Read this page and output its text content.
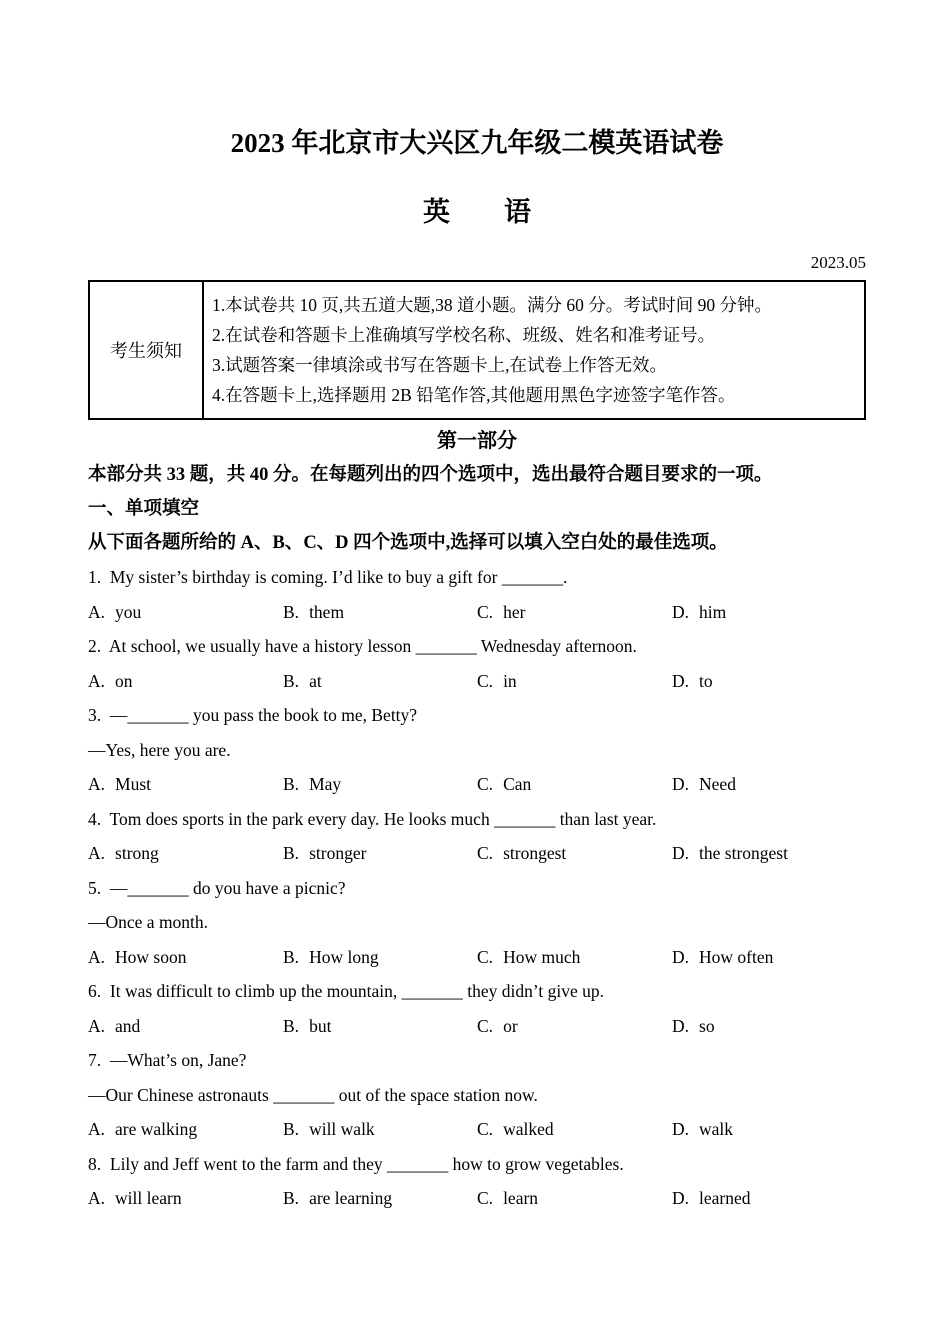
2023 年北京市大兴区九年级二模英语试卷
英 语
2023.05
考生须知	

1.本试卷共 10 页,共五道大题,38 道小题。满分 60 分。考试时间 90 分钟。

2.在试卷和答题卡上准确填写学校名称、班级、姓名和准考证号。

3.试题答案一律填涂或书写在答题卡上,在试卷上作答无效。

4.在答题卡上,选择题用 2B 铅笔作答,其他题用黑色字迹签字笔作答。

第一部分

本部分共 33 题，共 40 分。在每题列出的四个选项中，选出最符合题目要求的一项。

一、单项填空

从下面各题所给的 A、B、C、D 四个选项中,选择可以填入空白处的最佳选项。

1.  My sister’s birthday is coming. I’d like to buy a gift for _______.

A. you	B. them	C. her	D. him

2.  At school, we usually have a history lesson _______ Wednesday afternoon.

A. on	B. at	C. in	D. to

3.  —_______ you pass the book to me, Betty?

—Yes, here you are.

A. Must	B. May	C. Can	D. Need

4.  Tom does sports in the park every day. He looks much _______ than last year.

A. strong	B. stronger	C. strongest	D. the strongest

5.  —_______ do you have a picnic?

—Once a month.

A. How soon	B. How long	C. How much	D. How often

6.  It was difficult to climb up the mountain, _______ they didn’t give up.

A. and	B. but	C. or	D. so

7.  —What’s on, Jane?

—Our Chinese astronauts _______ out of the space station now.

A. are walking	B. will walk	C. walked	D. walk

8.  Lily and Jeff went to the farm and they _______ how to grow vegetables.

A. will learn	B. are learning	C. learn	D. learned
